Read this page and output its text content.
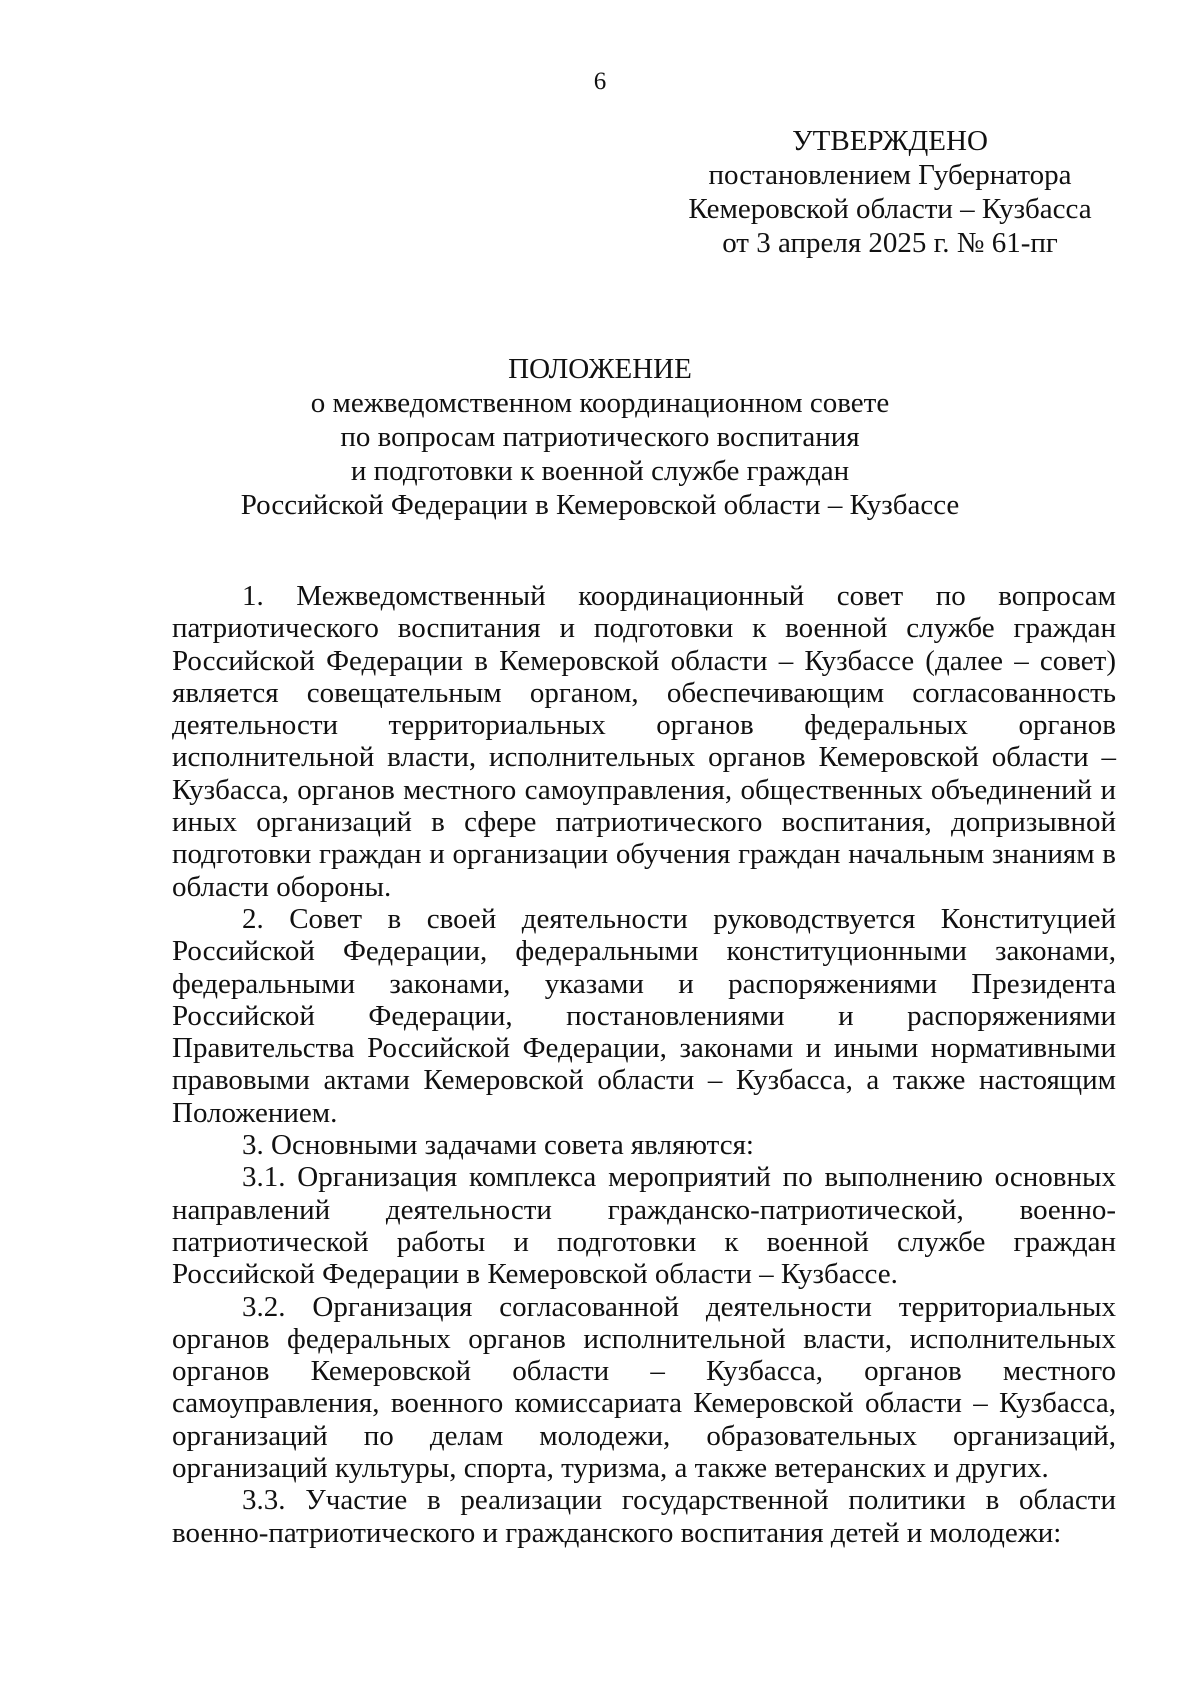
6
УТВЕРЖДЕНО
постановлением Губернатора
Кемеровской области – Кузбасса
от 3 апреля 2025 г. № 61-пг
ПОЛОЖЕНИЕ
о межведомственном координационном совете
по вопросам патриотического воспитания
и подготовки к военной службе граждан
Российской Федерации в Кемеровской области – Кузбассе

1. Межведомственный координационный совет по вопросам патриотического воспитания и подготовки к военной службе граждан Российской Федерации в Кемеровской области – Кузбассе (далее – совет) является совещательным органом, обеспечивающим согласованность деятельности территориальных органов федеральных органов исполнительной власти, исполнительных органов Кемеровской области – Кузбасса, органов местного самоуправления, общественных объединений и иных организаций в сфере патриотического воспитания, допризывной подготовки граждан и организации обучения граждан начальным знаниям в области обороны.

2. Совет в своей деятельности руководствуется Конституцией Российской Федерации, федеральными конституционными законами, федеральными законами, указами и распоряжениями Президента Российской Федерации, постановлениями и распоряжениями Правительства Российской Федерации, законами и иными нормативными правовыми актами Кемеровской области – Кузбасса, а также настоящим Положением.

3. Основными задачами совета являются:

3.1. Организация комплекса мероприятий по выполнению основных направлений деятельности гражданско-патриотической, военно-патриотической работы и подготовки к военной службе граждан Российской Федерации в Кемеровской области – Кузбассе.

3.2. Организация согласованной деятельности территориальных органов федеральных органов исполнительной власти, исполнительных органов Кемеровской области – Кузбасса, органов местного самоуправления, военного комиссариата Кемеровской области – Кузбасса, организаций по делам молодежи, образовательных организаций, организаций культуры, спорта, туризма, а также ветеранских и других.

3.3. Участие в реализации государственной политики в области военно-патриотического и гражданского воспитания детей и молодежи:
